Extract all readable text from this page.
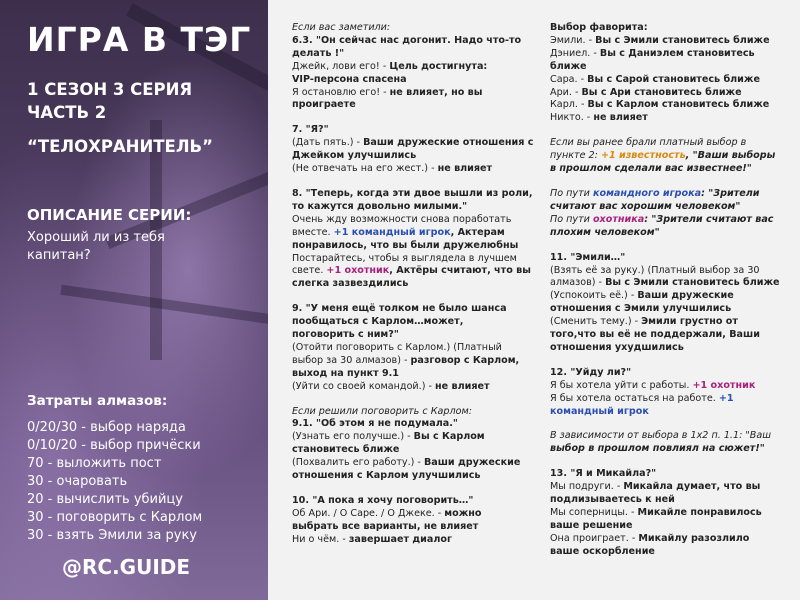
ИГРА В ТЭГ
1 СЕЗОН 3 СЕРИЯ
ЧАСТЬ 2
“ТЕЛОХРАНИТЕЛЬ”
ОПИСАНИЕ СЕРИИ:
Хороший ли из тебя
капитан?
Затраты алмазов:
0/20/30 - выбор наряда
0/10/20 - выбор причёски
70 - выложить пост
30 - очаровать
20 - вычислить убийцу
30 - поговорить с Карлом
30 - взять Эмили за руку
@RC.GUIDE

Если вас заметили:

6.3. "Он сейчас нас догонит. Надо что-то

делать !"

Джейк, лови его! - Цель достигнута:

VIP-персона спасена

Я остановлю его! - не влияет, но вы

проиграете

7. "Я?"

(Дать пять.) - Ваши дружеские отношения с

Джейком улучшились

(Не отвечать на его жест.) - не влияет

8. "Теперь, когда эти двое вышли из роли,

то кажутся довольно милыми."

Очень жду возможности снова поработать

вместе. +1 командный игрок, Актерам

понравилось, что вы были дружелюбны

Постарайтесь, чтобы я выглядела в лучшем

свете. +1 охотник, Актёры считают, что вы

слегка зазвездились

9. "У меня ещё толком не было шанса

пообщаться с Карлом…может,

поговорить с ним?"

(Отойти поговорить с Карлом.) (Платный

выбор за 30 алмазов) - разговор с Карлом,

выход на пункт 9.1

(Уйти со своей командой.) - не влияет

Если решили поговорить с Карлом:

9.1. "Об этом я не подумала."

(Узнать его получше.) - Вы с Карлом

становитесь ближе

(Похвалить его работу.) - Ваши дружеские

отношения с Карлом улучшились

10. "А пока я хочу поговорить…"

Об Ари. / О Саре. / О Джеке. - можно

выбрать все варианты, не влияет

Ни о чём. - завершает диалог

Выбор фаворита:

Эмили. - Вы с Эмили становитесь ближе

Дэниел. - Вы с Даниэлем становитесь

ближе

Сара. - Вы с Сарой становитесь ближе

Ари. - Вы с Ари становитесь ближе

Карл. - Вы с Карлом становитесь ближе

Никто. - не влияет

Если вы ранее брали платный выбор в

пункте 2: +1 известность, "Ваши выборы

в прошлом сделали вас известнее!"

По пути командного игрока: "Зрители

считают вас хорошим человеком"

По пути охотника: "Зрители считают вас

плохим человеком"

11. "Эмили…"

(Взять её за руку.) (Платный выбор за 30

алмазов) - Вы с Эмили становитесь ближе

(Успокоить её.) - Ваши дружеские

отношения с Эмили улучшились

(Сменить тему.) - Эмили грустно от

того,что вы её не поддержали, Ваши

отношения ухудшились

12. "Уйду ли?"

Я бы хотела уйти с работы. +1 охотник

Я бы хотела остаться на работе. +1

командный игрок

В зависимости от выбора в 1х2 п. 1.1: "Ваш

выбор в прошлом повлиял на сюжет!"

13. "Я и Микайла?"

Мы подруги. - Микайла думает, что вы

подлизываетесь к ней

Мы соперницы. - Микайле понравилось

ваше решение

Она проиграет. - Микайлу разозлило

ваше оскорбление
